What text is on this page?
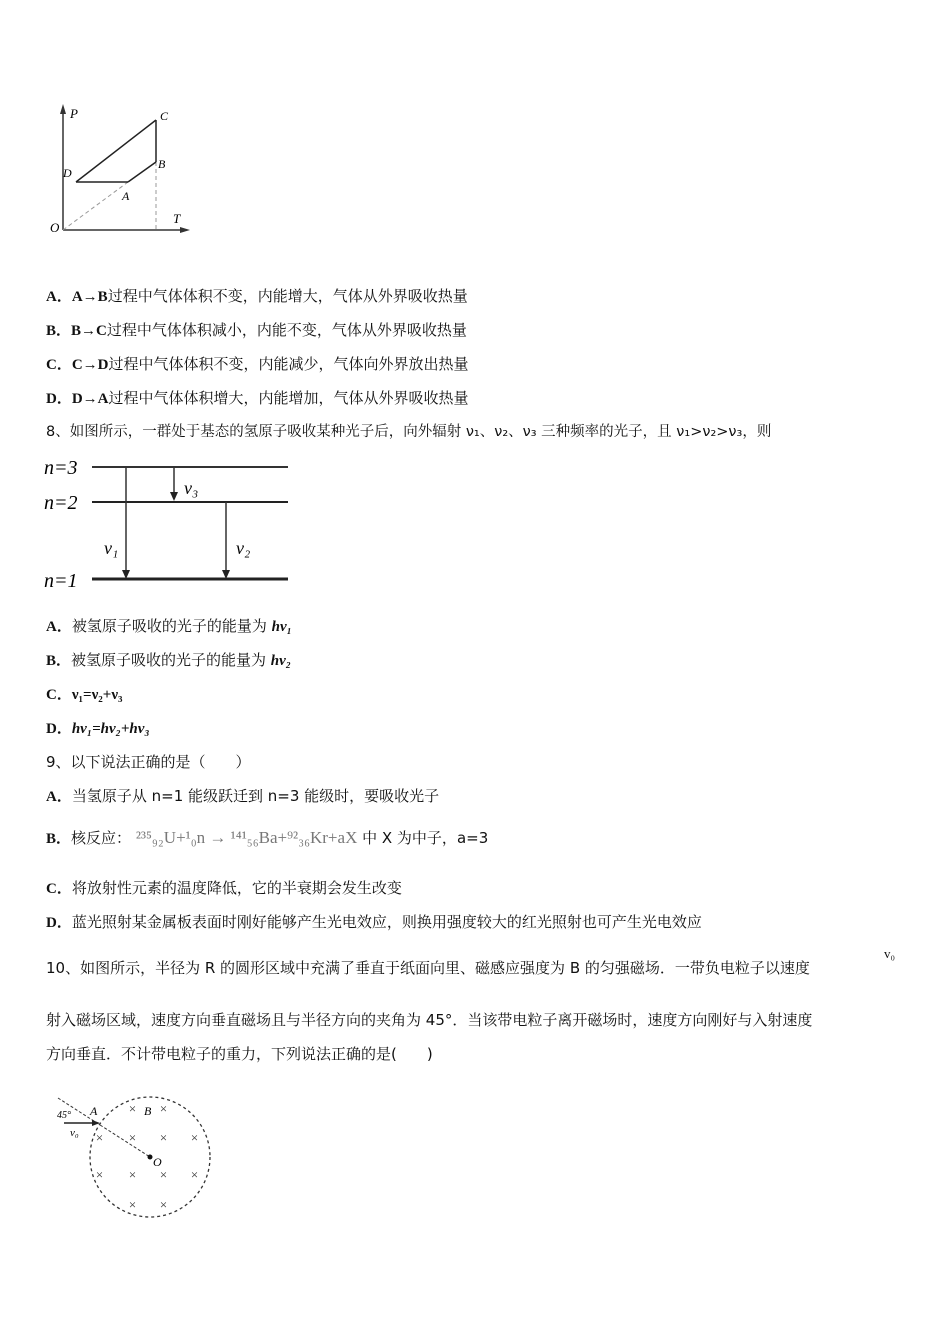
P
T
O
A
B
C
D
A．A→B过程中气体体积不变，内能增大，气体从外界吸收热量
B．B→C过程中气体体积减小，内能不变，气体从外界吸收热量
C．C→D过程中气体体积不变，内能减少，气体向外界放出热量
D．D→A过程中气体体积增大，内能增加，气体从外界吸收热量
8、如图所示，一群处于基态的氢原子吸收某种光子后，向外辐射 ν₁、ν₂、ν₃ 三种频率的光子，且 ν₁>ν₂>ν₃，则
n=3
n=2
n=1
ν₁	ν₂
ν₃
A．被氢原子吸收的光子的能量为 hν₁
B．被氢原子吸收的光子的能量为 hν₂
C．ν₁=ν₂+ν₃
D．hν₁=hν₂+hν₃
9、以下说法正确的是（　　）
A．当氢原子从 n=1 能级跃迁到 n=3 能级时，要吸收光子
B．核反应： ²³⁵₉₂U+¹₀n → ¹⁴¹₅₆Ba+⁹²₃₆Kr+aX 中 X 为中子，a=3
C．将放射性元素的温度降低，它的半衰期会发生改变
D．蓝光照射某金属板表面时刚好能够产生光电效应，则换用强度较大的红光照射也可产生光电效应
10、如图所示，半径为 R 的圆形区域中充满了垂直于纸面向里、磁感应强度为 B 的匀强磁场．一带负电粒子以速度
v₀
射入磁场区域，速度方向垂直磁场且与半径方向的夹角为 45°．当该带电粒子离开磁场时，速度方向刚好与入射速度
方向垂直．不计带电粒子的重力，下列说法正确的是(　　)
× ×
× × × ×
× × × ×
× ×
45° A	B
O
v₀
